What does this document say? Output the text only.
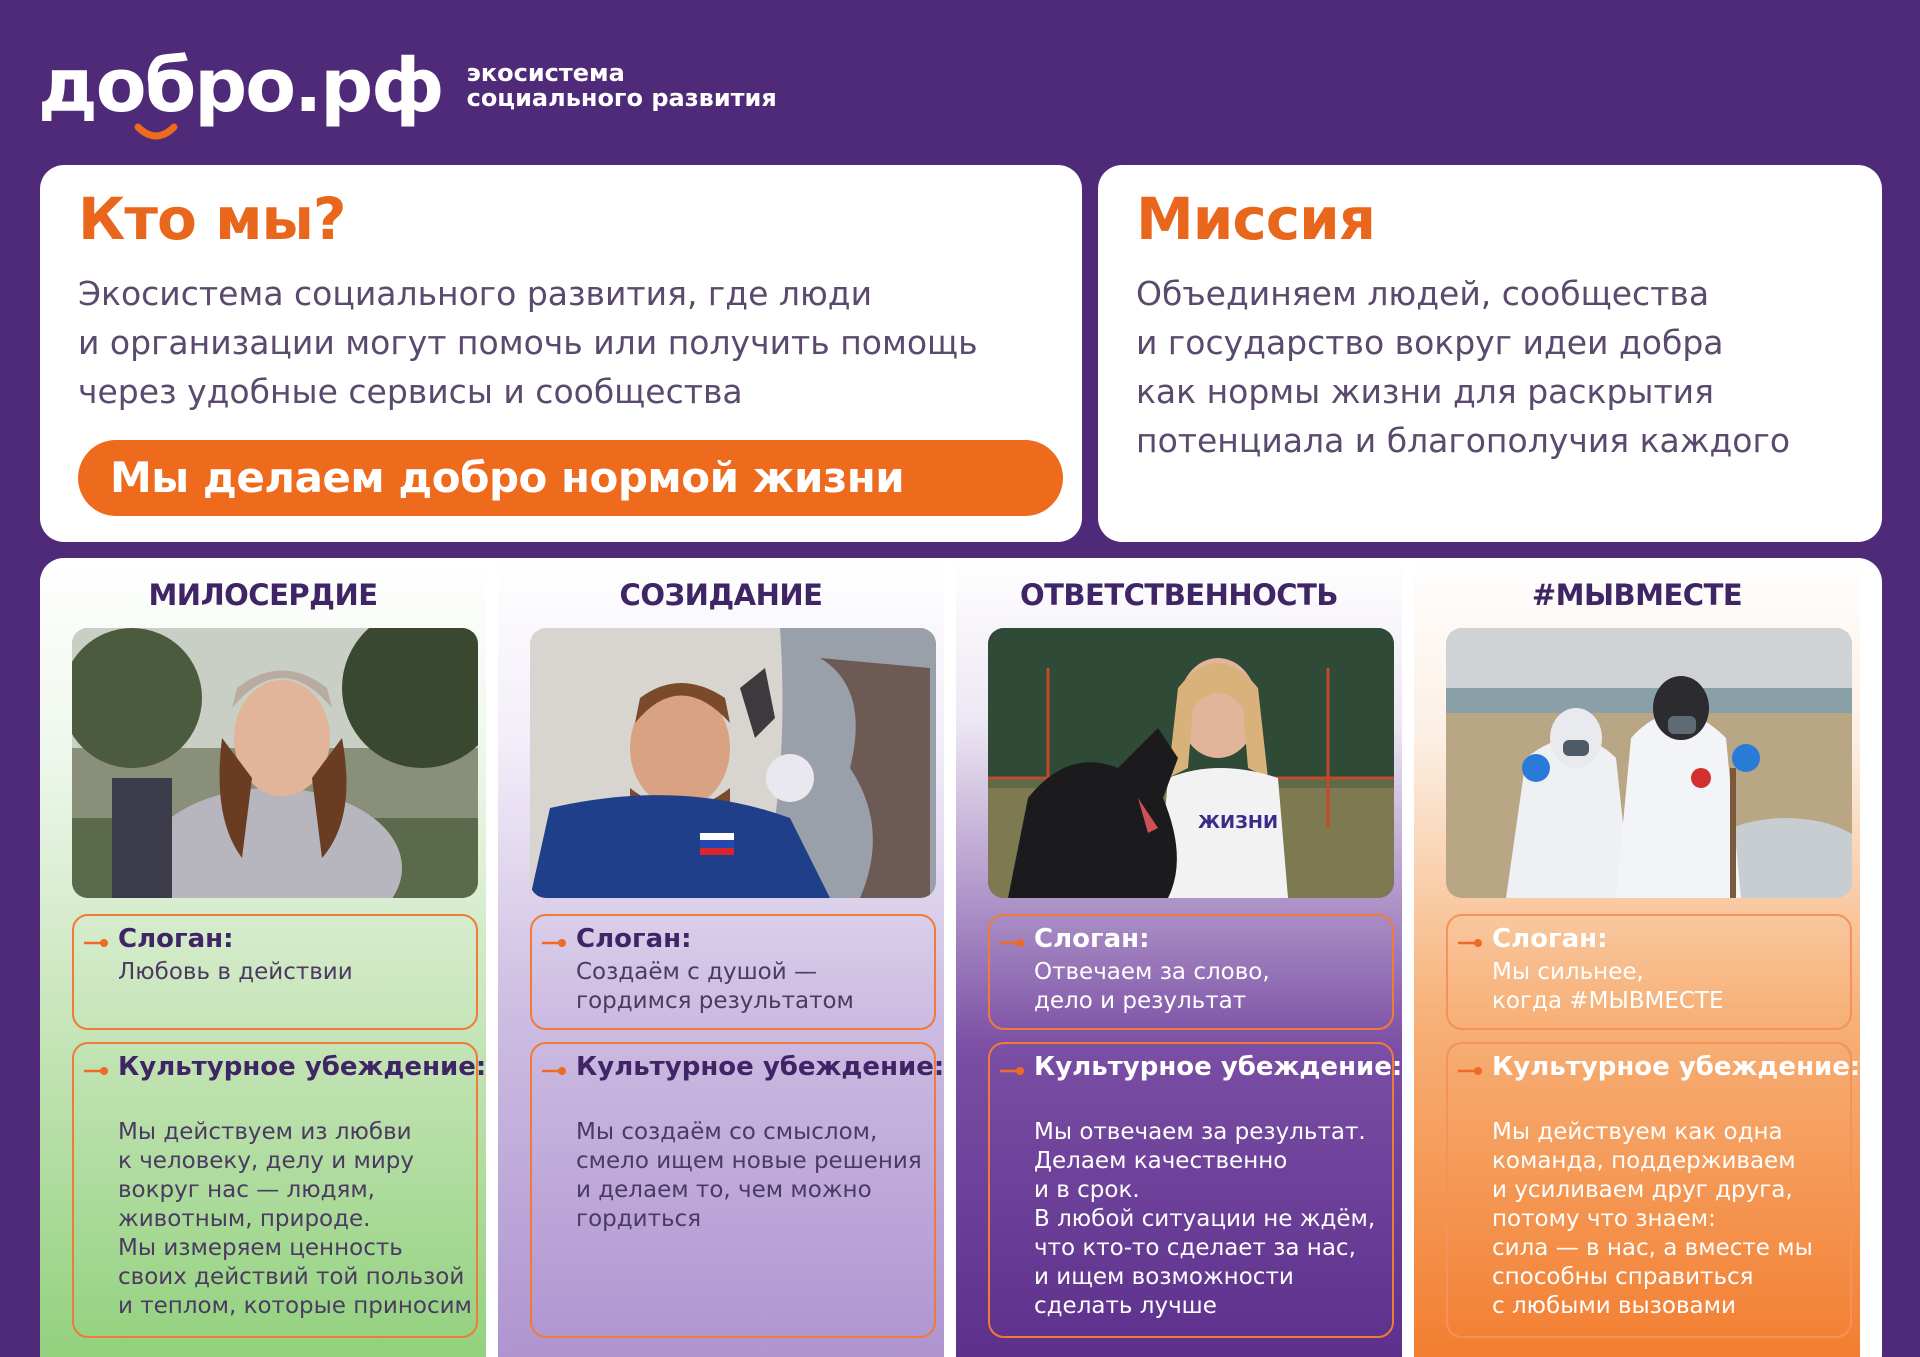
добро.рф экосистема
социального развития
Кто мы?
Экосистема социального развития, где люди
и организации могут помочь или получить помощь
через удобные сервисы и сообщества
Мы делаем добро нормой жизни
Миссия
Объединяем людей, сообщества
и государство вокруг идеи добра
как нормы жизни для раскрытия
потенциала и благополучия каждого
МИЛОСЕРДИЕ
Слоган:
Любовь в действии
Культурное убеждение:
Мы действуем из любви
к человеку, делу и миру
вокруг нас — людям,
животным, природе.
Мы измеряем ценность
своих действий той пользой
и теплом, которые приносим
СОЗИДАНИЕ
Слоган:
Создаём с душой —
гордимся результатом
Культурное убеждение:
Мы создаём со смыслом,
смело ищем новые решения
и делаем то, чем можно
гордиться
ОТВЕТСТВЕННОСТЬ
ЖИЗНИ
Слоган:
Отвечаем за слово,
дело и результат
Культурное убеждение:
Мы отвечаем за результат.
Делаем качественно
и в срок.
В любой ситуации не ждём,
что кто-то сделает за нас,
и ищем возможности
сделать лучше
#МЫВМЕСТЕ
Слоган:
Мы сильнее,
когда #МЫВМЕСТЕ
Культурное убеждение:
Мы действуем как одна
команда, поддерживаем
и усиливаем друг друга,
потому что знаем:
сила — в нас, а вместе мы
способны справиться
с любыми вызовами
